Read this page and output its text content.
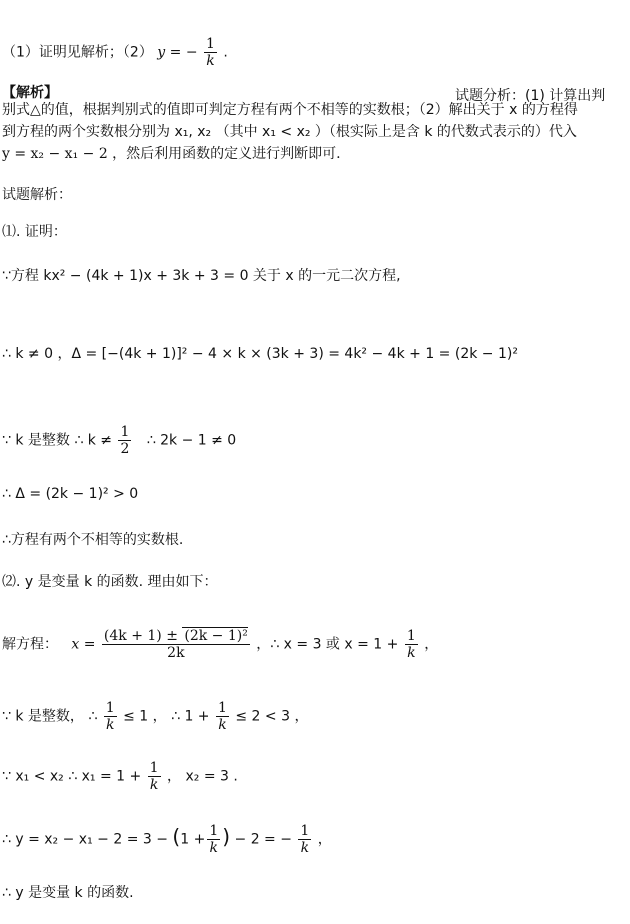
（1）证明见解析；（2） y = − $\frac{1}{k}$ .
【解析】	试题分析：(1) 计算出判
别式△的值，根据判别式的值即可判定方程有两个不相等的实数根；（2）解出关于 x 的方程得
到方程的两个实数根分别为 x₁, x₂ （其中 x₁ < x₂ ）（根实际上是含 k 的代数式表示的）代入
y = x₂ − x₁ − 2 ，然后利用函数的定义进行判断即可.
试题解析：
⑴. 证明：
∵方程 kx² − (4k + 1)x + 3k + 3 = 0 关于 x 的一元二次方程,
∴ k ≠ 0 ，Δ = [−(4k + 1)]² − 4 × k × (3k + 3) = 4k² − 4k + 1 = (2k − 1)²
∵ k 是整数 ∴ $k \ne \frac{1}{2}$ ∴ 2k − 1 ≠ 0
∴ Δ = (2k − 1)² > 0
∴方程有两个不相等的实数根.
⑵. y 是变量 k 的函数. 理由如下：
解方程： $x = \frac{\text{(4k + 1) ± (2k − 1)²}}{2k}$ ，∴ x = 3 或 $x = 1 + \frac{1}{k}$ ，
∵ k 是整数， ∴ $\frac{1}{k} \le 1$ ， ∴ $1 + \frac{1}{k} \le 2 < 3$ ，
∵ x₁ < x₂ ∴ $x_1 = 1 + \frac{1}{k}$ ， x₂ = 3 .
∴ $y = x_2 - x_1 - 2 = 3 - (1 + \frac{1}{k}$ ) − 2 = − $\frac{1}{k}$ ，
∴ y 是变量 k 的函数.
